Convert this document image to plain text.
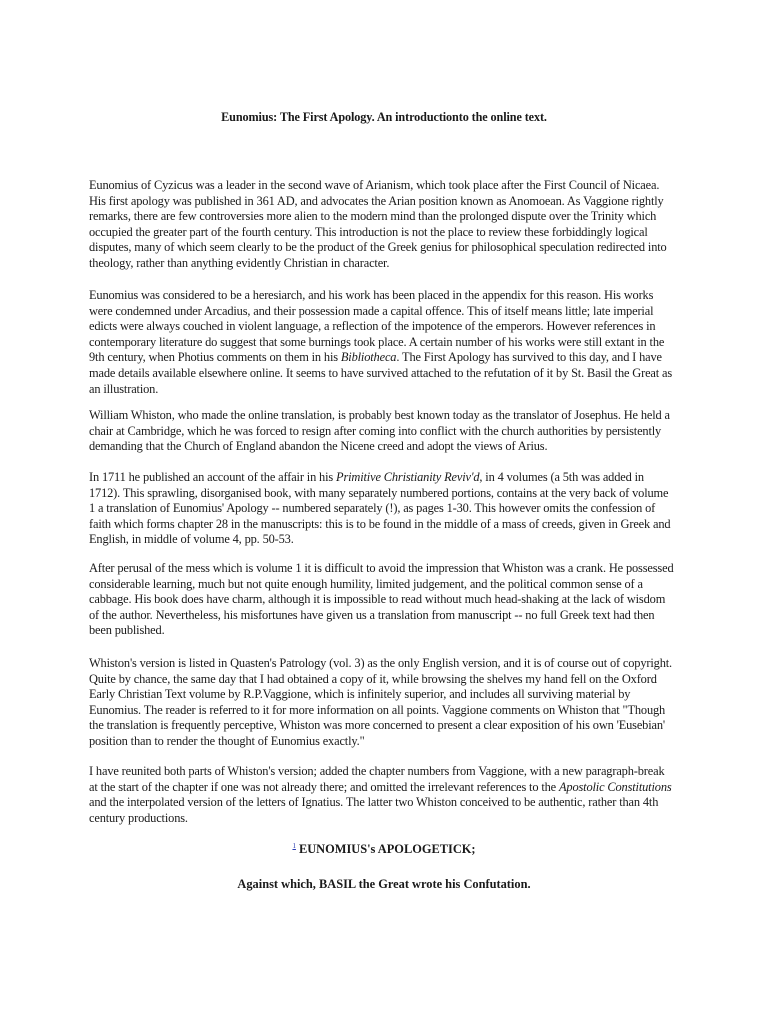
Eunomius: The First Apology. An introductionto the online text.

Eunomius of Cyzicus was a leader in the second wave of Arianism, which took place after the First Council of Nicaea. His first apology was published in 361 AD, and advocates the Arian position known as Anomoean. As Vaggione rightly remarks, there are few controversies more alien to the modern mind than the prolonged dispute over the Trinity which occupied the greater part of the fourth century. This introduction is not the place to review these forbiddingly logical disputes, many of which seem clearly to be the product of the Greek genius for philosophical speculation redirected into theology, rather than anything evidently Christian in character.

Eunomius was considered to be a heresiarch, and his work has been placed in the appendix for this reason. His works were condemned under Arcadius, and their possession made a capital offence. This of itself means little; late imperial edicts were always couched in violent language, a reflection of the impotence of the emperors. However references in contemporary literature do suggest that some burnings took place. A certain number of his works were still extant in the 9th century, when Photius comments on them in his Bibliotheca. The First Apology has survived to this day, and I have made details available elsewhere online. It seems to have survived attached to the refutation of it by St. Basil the Great as an illustration.

William Whiston, who made the online translation, is probably best known today as the translator of Josephus. He held a chair at Cambridge, which he was forced to resign after coming into conflict with the church authorities by persistently demanding that the Church of England abandon the Nicene creed and adopt the views of Arius.

In 1711 he published an account of the affair in his Primitive Christianity Reviv'd, in 4 volumes (a 5th was added in 1712). This sprawling, disorganised book, with many separately numbered portions, contains at the very back of volume 1 a translation of Eunomius' Apology -- numbered separately (!), as pages 1-30. This however omits the confession of faith which forms chapter 28 in the manuscripts: this is to be found in the middle of a mass of creeds, given in Greek and English, in middle of volume 4, pp. 50-53.

After perusal of the mess which is volume 1 it is difficult to avoid the impression that Whiston was a crank. He possessed considerable learning, much but not quite enough humility, limited judgement, and the political common sense of a cabbage. His book does have charm, although it is impossible to read without much head-shaking at the lack of wisdom of the author. Nevertheless, his misfortunes have given us a translation from manuscript -- no full Greek text had then been published.

Whiston's version is listed in Quasten's Patrology (vol. 3) as the only English version, and it is of course out of copyright. Quite by chance, the same day that I had obtained a copy of it, while browsing the shelves my hand fell on the Oxford Early Christian Text volume by R.P.Vaggione, which is infinitely superior, and includes all surviving material by Eunomius. The reader is referred to it for more information on all points. Vaggione comments on Whiston that "Though the translation is frequently perceptive, Whiston was more concerned to present a clear exposition of his own 'Eusebian' position than to render the thought of Eunomius exactly."

I have reunited both parts of Whiston's version; added the chapter numbers from Vaggione, with a new paragraph-break at the start of the chapter if one was not already there; and omitted the irrelevant references to the Apostolic Constitutions and the interpolated version of the letters of Ignatius. The latter two Whiston conceived to be authentic, rather than 4th century productions.

$^1$ EUNOMIUS's APOLOGETICK;
Against which, BASIL the Great wrote his Confutation.
